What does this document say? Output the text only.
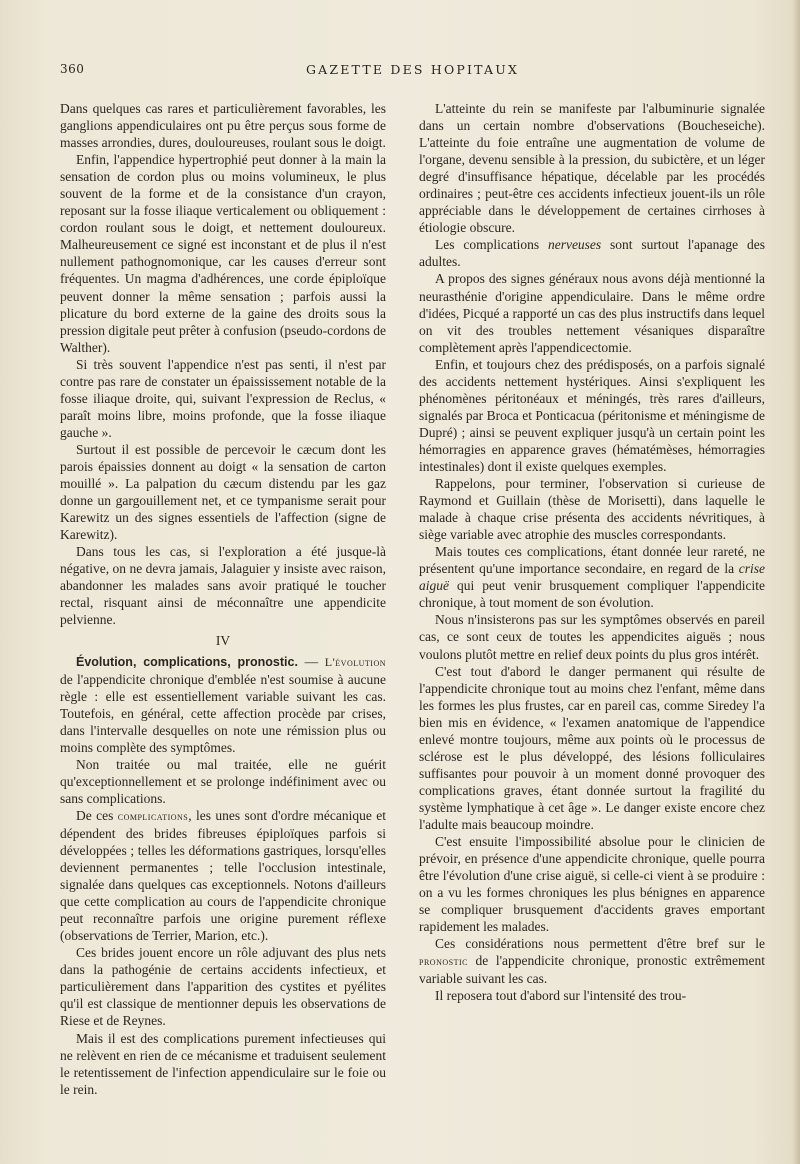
360	GAZETTE DES HOPITAUX

Dans quelques cas rares et particulièrement favorables, les ganglions appendiculaires ont pu être perçus sous forme de masses arrondies, dures, douloureuses, roulant sous le doigt.

Enfin, l'appendice hypertrophié peut donner à la main la sensation de cordon plus ou moins volumineux, le plus souvent de la forme et de la consistance d'un crayon, reposant sur la fosse iliaque verticalement ou obliquement : cordon roulant sous le doigt, et nettement douloureux. Malheureusement ce signé est inconstant et de plus il n'est nullement pathognomonique, car les causes d'erreur sont fréquentes. Un magma d'adhérences, une corde épiploïque peuvent donner la même sensation ; parfois aussi la plicature du bord externe de la gaine des droits sous la pression digitale peut prêter à confusion (pseudo-cordons de Walther).

Si très souvent l'appendice n'est pas senti, il n'est par contre pas rare de constater un épaississement notable de la fosse iliaque droite, qui, suivant l'expression de Reclus, « paraît moins libre, moins profonde, que la fosse iliaque gauche ».

Surtout il est possible de percevoir le cæcum dont les parois épaissies donnent au doigt « la sensation de carton mouillé ». La palpation du cæcum distendu par les gaz donne un gargouillement net, et ce tympanisme serait pour Karewitz un des signes essentiels de l'affection (signe de Karewitz).

Dans tous les cas, si l'exploration a été jusque-là négative, on ne devra jamais, Jalaguier y insiste avec raison, abandonner les malades sans avoir pratiqué le toucher rectal, risquant ainsi de méconnaître une appendicite pelvienne.

IV

Évolution, complications, pronostic. — L'évolution de l'appendicite chronique d'emblée n'est soumise à aucune règle : elle est essentiellement variable suivant les cas. Toutefois, en général, cette affection procède par crises, dans l'intervalle desquelles on note une rémission plus ou moins complète des symptômes.

Non traitée ou mal traitée, elle ne guérit qu'exceptionnellement et se prolonge indéfiniment avec ou sans complications.

De ces complications, les unes sont d'ordre mécanique et dépendent des brides fibreuses épiploïques parfois si développées ; telles les déformations gastriques, lorsqu'elles deviennent permanentes ; telle l'occlusion intestinale, signalée dans quelques cas exceptionnels. Notons d'ailleurs que cette complication au cours de l'appendicite chronique peut reconnaître parfois une origine purement réflexe (observations de Terrier, Marion, etc.).

Ces brides jouent encore un rôle adjuvant des plus nets dans la pathogénie de certains accidents infectieux, et particulièrement dans l'apparition des cystites et pyélites qu'il est classique de mentionner depuis les observations de Riese et de Reynes.

Mais il est des complications purement infectieuses qui ne relèvent en rien de ce mécanisme et traduisent seulement le retentissement de l'infection appendiculaire sur le foie ou le rein.

L'atteinte du rein se manifeste par l'albuminurie signalée dans un certain nombre d'observations (Boucheseiche). L'atteinte du foie entraîne une augmentation de volume de l'organe, devenu sensible à la pression, du subictère, et un léger degré d'insuffisance hépatique, décelable par les procédés ordinaires ; peut-être ces accidents infectieux jouent-ils un rôle appréciable dans le développement de certaines cirrhoses à étiologie obscure.

Les complications nerveuses sont surtout l'apanage des adultes.

A propos des signes généraux nous avons déjà mentionné la neurasthénie d'origine appendiculaire. Dans le même ordre d'idées, Picqué a rapporté un cas des plus instructifs dans lequel on vit des troubles nettement vésaniques disparaître complètement après l'appendicectomie.

Enfin, et toujours chez des prédisposés, on a parfois signalé des accidents nettement hystériques. Ainsi s'expliquent les phénomènes péritonéaux et méningés, très rares d'ailleurs, signalés par Broca et Ponticacua (péritonisme et méningisme de Dupré) ; ainsi se peuvent expliquer jusqu'à un certain point les hémorragies en apparence graves (hématémèses, hémorragies intestinales) dont il existe quelques exemples.

Rappelons, pour terminer, l'observation si curieuse de Raymond et Guillain (thèse de Morisetti), dans laquelle le malade à chaque crise présenta des accidents névritiques, à siège variable avec atrophie des muscles correspondants.

Mais toutes ces complications, étant donnée leur rareté, ne présentent qu'une importance secondaire, en regard de la crise aiguë qui peut venir brusquement compliquer l'appendicite chronique, à tout moment de son évolution.

Nous n'insisterons pas sur les symptômes observés en pareil cas, ce sont ceux de toutes les appendicites aiguës ; nous voulons plutôt mettre en relief deux points du plus gros intérêt.

C'est tout d'abord le danger permanent qui résulte de l'appendicite chronique tout au moins chez l'enfant, même dans les formes les plus frustes, car en pareil cas, comme Siredey l'a bien mis en évidence, « l'examen anatomique de l'appendice enlevé montre toujours, même aux points où le processus de sclérose est le plus développé, des lésions folliculaires suffisantes pour pouvoir à un moment donné provoquer des complications graves, étant donnée surtout la fragilité du système lymphatique à cet âge ». Le danger existe encore chez l'adulte mais beaucoup moindre.

C'est ensuite l'impossibilité absolue pour le clinicien de prévoir, en présence d'une appendicite chronique, quelle pourra être l'évolution d'une crise aiguë, si celle-ci vient à se produire : on a vu les formes chroniques les plus bénignes en apparence se compliquer brusquement d'accidents graves emportant rapidement les malades.

Ces considérations nous permettent d'être bref sur le pronostic de l'appendicite chronique, pronostic extrêmement variable suivant les cas.

Il reposera tout d'abord sur l'intensité des trou-
